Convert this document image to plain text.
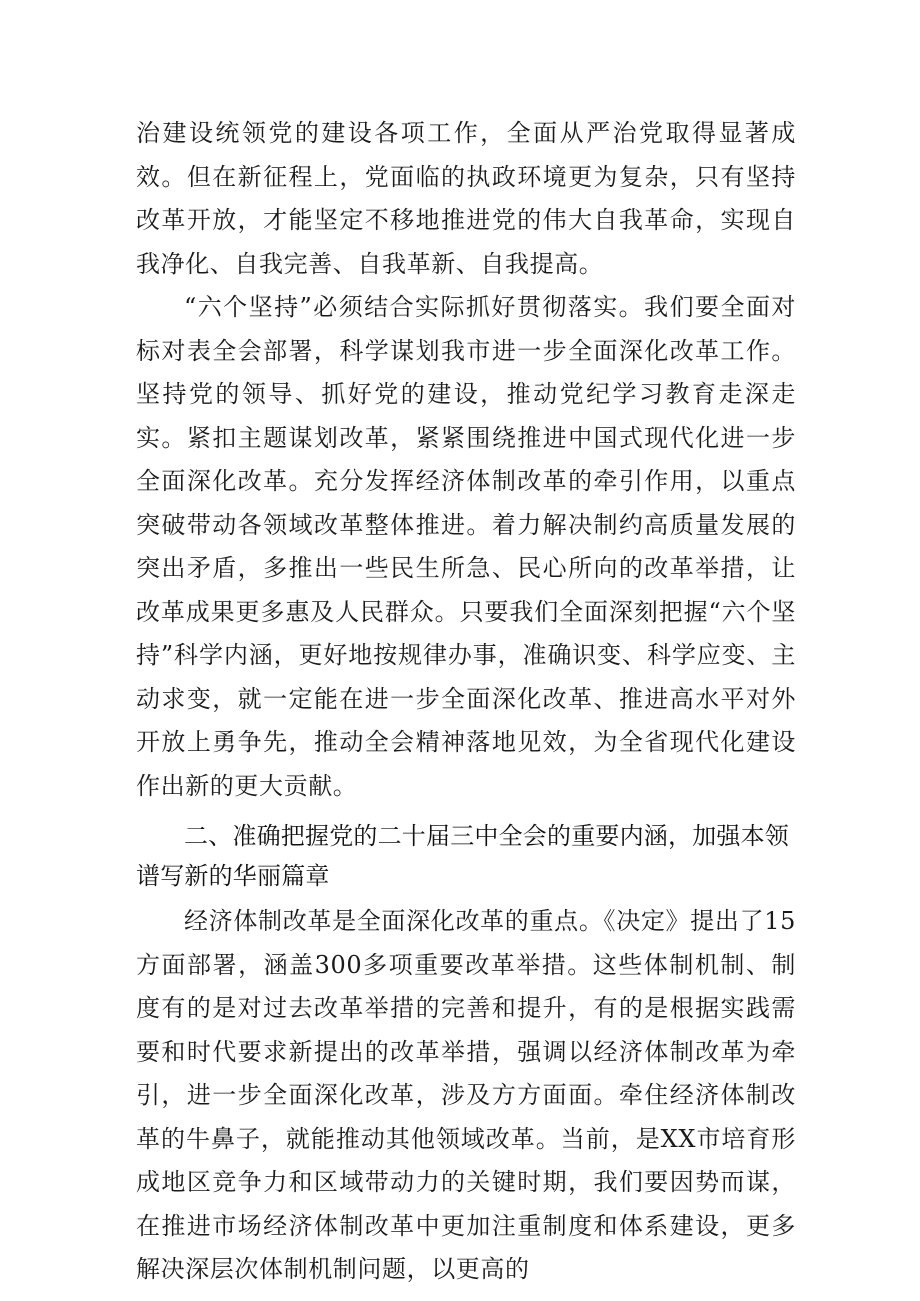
治建设统领党的建设各项工作，全面从严治党取得显著成效。但在新征程上，党面临的执政环境更为复杂，只有坚持改革开放，才能坚定不移地推进党的伟大自我革命，实现自我净化、自我完善、自我革新、自我提高。

“六个坚持”必须结合实际抓好贯彻落实。我们要全面对标对表全会部署，科学谋划我市进一步全面深化改革工作。坚持党的领导、抓好党的建设，推动党纪学习教育走深走实。紧扣主题谋划改革，紧紧围绕推进中国式现代化进一步全面深化改革。充分发挥经济体制改革的牵引作用，以重点突破带动各领域改革整体推进。着力解决制约高质量发展的突出矛盾，多推出一些民生所急、民心所向的改革举措，让改革成果更多惠及人民群众。只要我们全面深刻把握“六个坚持”科学内涵，更好地按规律办事，准确识变、科学应变、主动求变，就一定能在进一步全面深化改革、推进高水平对外开放上勇争先，推动全会精神落地见效，为全省现代化建设作出新的更大贡献。

二、准确把握党的二十届三中全会的重要内涵，加强本领谱写新的华丽篇章

经济体制改革是全面深化改革的重点。《决定》提出了15方面部署，涵盖300多项重要改革举措。这些体制机制、制度有的是对过去改革举措的完善和提升，有的是根据实践需要和时代要求新提出的改革举措，强调以经济体制改革为牵引，进一步全面深化改革，涉及方方面面。牵住经济体制改革的牛鼻子，就能推动其他领域改革。当前，是XX市培育形成地区竞争力和区域带动力的关键时期，我们要因势而谋，在推进市场经济体制改革中更加注重制度和体系建设，更多解决深层次体制机制问题，以更高的
